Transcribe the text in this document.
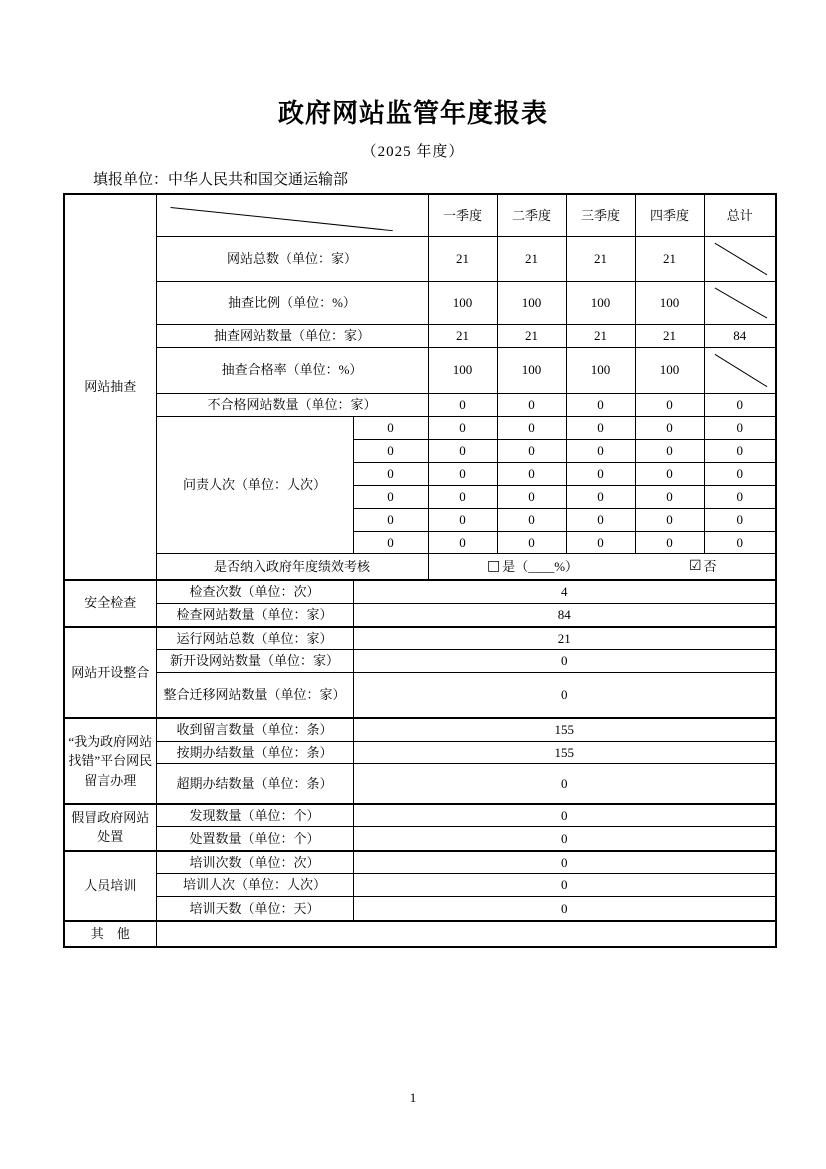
政府网站监管年度报表
（2025 年度）
填报单位：中华人民共和国交通运输部
网站抽查			一季度	二季度	三季度	四季度	总计
	网站总数（单位：家）		21	21	21	21	

	抽查比例（单位：%）		100	100	100	100	

	抽查网站数量（单位：家）		21	21	21	21	84
	抽查合格率（单位：%）		100	100	100	100	

	不合格网站数量（单位：家）		0	0	0	0	0
	问责人次（单位：人次）	0	0	0	0	0	0
		0	0	0	0	0	0
		0	0	0	0	0	0
		0	0	0	0	0	0
		0	0	0	0	0	0
		0	0	0	0	0	0
	是否纳入政府年度绩效考核		□ 是（____%） ☑ 否				

安全检查	检查次数（单位：次）	4					
	检查网站数量（单位：家）	84					
网站开设整合	运行网站总数（单位：家）	21					
	新开设网站数量（单位：家）	0					
	整合迁移网站数量（单位：家）	0					
“我为政府网站找错”平台网民留言办理	收到留言数量（单位：条）	155					
	按期办结数量（单位：条）	155					
	超期办结数量（单位：条）	0					
假冒政府网站处置	发现数量（单位：个）	0					
	处置数量（单位：个）	0					
人员培训	培训次数（单位：次）	0					
	培训人次（单位：人次）	0					
	培训天数（单位：天）	0					
其　他							
1
